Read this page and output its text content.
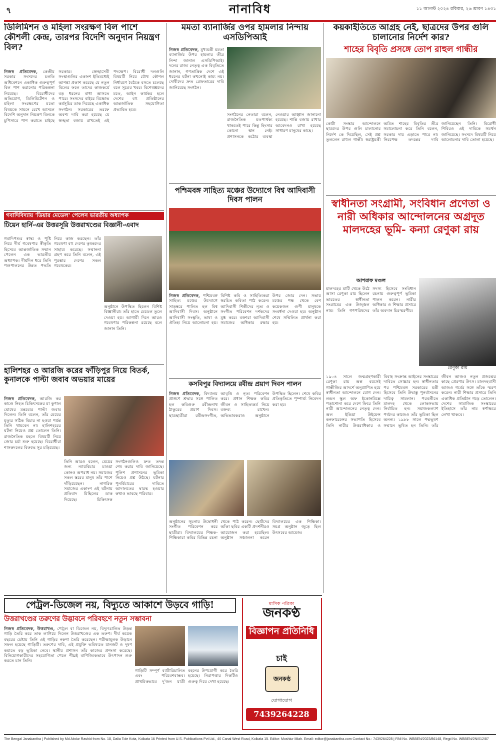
৭	নানাবিধ	১১ আগস্ট ২০২৪ রবিবার, ২৬ শ্রাবণ ১৪৩১
ডিলিমিশন ও মহিলা সংরক্ষণ বিল পাশে কৌশলী কেন্দ্র, তারপর বিদেশি অনুদান নিয়ন্ত্রণ বিল?
নিজস্ব প্রতিবেদক, কেন্দ্রীয় সরকার সংসদের চলতি অধিবেশনে একাধিক গুরুত্বপূর্ণ বিল পাশ করানোর পরিকল্পনা নিয়েছে। বিরোধীদের অভিযোগ, ডিলিমিটেশন ও মহিলা সংরক্ষণের মতো বিষয়কে সামনে রেখে আসলে বিদেশি অনুদান নিয়ন্ত্রণ বিলকে চুপিসারে পাশ করাতে চাইছে সরকার। স্বেচ্ছাসেবী সংস্থাগুলির একাংশ ইতিমধ্যেই আশঙ্কা প্রকাশ করেছে যে নতুন বিলের ফলে তাদের কাজকর্মে বড় ধরনের বাধা আসতে পারে। সংসদের বাইরে বিক্ষোভ কর্মসূচির ডাক দিয়েছে একাধিক সংগঠন। সরকারের তরফে অবশ্য দাবি করা হয়েছে যে স্বচ্ছতা বজায় রাখতেই এই পদক্ষেপ। বিরোধী দলগুলি বিষয়টি নিয়ে যৌথ কৌশল নির্ধারণে বৈঠকে বসতে চলেছে বলে সূত্রের খবর। বিশেষজ্ঞদের মতে, আইন কার্যকর হলে দেশের বহু প্রতিষ্ঠানের আন্তর্জাতিক সহযোগিতা প্রভাবিত হবে।
গবাদিবিদ্যায় 'ডিয়ার মেডেল' পেলেন ভারতীয় অধ্যাপক
টিয়েন হার্নি-এর উত্তরসূরি উত্তরাখণ্ডের বিজ্ঞানী-এবাদ
গবাদিপশুর স্বাস্থ্য ও পুষ্টি নিয়ে দীর্ঘ গবেষণার স্বীকৃতি হিসেবে আন্তর্জাতিক সম্মান পেলেন এক ভারতীয় অধ্যাপক। দীর্ঘদিন ধরে তিনি পশুপালনের উন্নত পদ্ধতি নিয়ে কাজ করছেন। তাঁর গবেষণা বহু দেশের কৃষকদের সাহায্য করেছে। সম্মাননা গ্রহণ করে তিনি বলেন, এই পুরস্কার দেশের সকল গবেষকের।
অনুষ্ঠানে উপস্থিত ছিলেন বিশিষ্ট বিজ্ঞানীরা। তাঁর হাতে মেডেল তুলে দেওয়া হয়। আগামী দিনে আরও গবেষণার পরিকল্পনা রয়েছে বলে জানান তিনি।
হালিশহর ও আরজি করের ফাঁড়িপুর নিয়ে বিতর্ক, কুনালকে পাল্টা জবাব অভয়ার মায়ের
নিজস্ব প্রতিবেদক, আরজি কর কাণ্ডে নিহত চিকিৎসকের মা কুণাল ঘোষের মন্তব্যের পাল্টা জবাব দিলেন। তিনি বলেন, তাঁর মেয়ের মৃত্যুর সঠিক বিচার না হওয়া পর্যন্ত তিনি থামবেন না। হালিশহরের ঘটনা নিয়েও প্রশ্ন তোলেন তিনি। রাজনৈতিক মহলে বিষয়টি নিয়ে জোর চর্চা শুরু হয়েছে। বিরোধীরা শাসকদলের বিরুদ্ধে সুর চড়িয়েছে।
তিনি আরও বলেন, মেয়ের জন্য ন্যায়বিচার চাওয়া কোনও অপরাধ নয়। সমাজের সকল স্তরের মানুষ তাঁর পাশে দাঁড়িয়েছেন। নাগরিক সমাজের একাংশ এই ঘটনায় প্রতিবাদ মিছিলের ডাক দিয়েছে। চিকিৎসক সংগঠনগুলিও দ্রুত তদন্ত শেষ করার দাবি জানিয়েছে। পুলিশ প্রশাসনের ভূমিকা নিয়েও প্রশ্ন উঠছে। ঘটনার পুনর্বিচারের দাবিতে আদালতের দ্বারস্থ হওয়ার কথাও ভাবছে পরিবার।
মমতা ব্যানার্জির ওপর হামলার নিন্দায় এসডিপিআই
নিজস্ব প্রতিবেদক, মুখ্যমন্ত্রী মমতা ব্যানার্জির উপর হামলার তীব্র নিন্দা জানাল এসডিপিআই। দলের রাজ্য নেতৃত্ব এক বিবৃতিতে জানান, গণতান্ত্রিক দেশে এই ধরনের ঘটনা কখনোই কাম্য নয়। দোষীদের দ্রুত গ্রেফতারের দাবি জানিয়েছে সংগঠন।
সংগঠনের নেতারা বলেন, রাজনৈতিক মতপার্থক্য থাকতেই পারে কিন্তু হিংসার কোনো স্থান নেই। প্রশাসনকে কঠোর ব্যবস্থা নেওয়ার আহ্বান জানানো হয়েছে। শান্তি বজায় রাখার আবেদনও রাখা হয়েছে সাধারণ মানুষের কাছে।
পশ্চিমবঙ্গ সাহিত্য মঞ্চের উদ্যোগে বিশ্ব আদিবাসী দিবস পালন
নিজস্ব প্রতিবেদক, পশ্চিমবঙ্গ সাহিত্য মঞ্চের উদ্যোগে সাড়ম্বরে পালিত হল বিশ্ব আদিবাসী দিবস। অনুষ্ঠানে আদিবাসী সংস্কৃতি, ভাষা ও ঐতিহ্য নিয়ে আলোচনা হয়। বিশিষ্ট কবি ও সাহিত্যিকরা স্বরচিত কবিতা পাঠ করেন। আদিবাসী শিল্পীদের নৃত্য ও সংগীত পরিবেশন দর্শকদের মুগ্ধ করে। বক্তারা আদিবাসী সমাজের অধিকার রক্ষার উপর জোর দেন। সভায় মঞ্চের পক্ষ থেকে বেশ কয়েকজন গুণী মানুষকে সংবর্ধনা দেওয়া হয়। অনুষ্ঠান শেষে সম্মিলিত প্রার্থনা করা হয়।
কসবিপুর বিদ্যালয়ে রবীন্দ্র প্রয়াণ দিবস পালন
নিজস্ব প্রতিবেদক, বিদ্যালয় প্রাঙ্গণে শ্রদ্ধার সঙ্গে পালিত হল কবিগুরু রবীন্দ্রনাথ ঠাকুরের প্রয়াণ দিবস। ছাত্রছাত্রীরা রবীন্দ্রসংগীত, আবৃত্তি ও নৃত্য পরিবেশন করে। প্রধান শিক্ষক কবির জীবন ও সাহিত্যকর্ম নিয়ে বক্তব্য রাখেন। অভিভাবকরাও অনুষ্ঠানে উপস্থিত ছিলেন। শেষে কবির প্রতিকৃতিতে পুষ্পার্ঘ্য নিবেদন করা হয়।
অনুষ্ঠানের সূচনায় উদ্বোধনী সংগীত পরিবেশন করে ছাত্রীরা। বিদ্যালয়ের শিক্ষক-শিক্ষিকারা কবির বিভিন্ন রচনা থেকে পাঠ করেন। ছোটদের আঁকা ছবির একটি প্রদর্শনীরও আয়োজন করা হয়েছিল। অনুষ্ঠান সঞ্চালনা করেন বিদ্যালয়ের এক শিক্ষিকা। সমগ্র অনুষ্ঠান জুড়ে ছিল উৎসবের আমেজ।
কয়কাইতিতে আগ্রহ নেই, ছাত্রদের উপর গুলি চালানোর নির্দেশ কার?
শাহের বিবৃতি প্রসঙ্গে তোপ রাহুল গান্ধীর
কোটা সংস্কার আন্দোলনে ছাত্রদের উপর গুলি চালানোর নির্দেশ কে দিয়েছিল, সেই প্রশ্ন তুললেন রাহুল গান্ধী। স্বরাষ্ট্রমন্ত্রী অমিত শাহের বিবৃতির তীব্র সমালোচনা করে তিনি বলেন, সরকার দায় এড়াতে পারে না। নিরপেক্ষ তদন্তের দাবি জানিয়েছেন তিনি। বিরোধী শিবিরও এই দাবিকে সমর্থন জানিয়েছে। সংসদে বিষয়টি নিয়ে আলোচনার দাবি তোলা হয়েছে।
স্বাধীনতা সংগ্রামী, সংবিধান প্রণেতা ও নারী অধিকার আন্দোলনের অগ্রদূত মালদহের ভূমি- কন্যা রেণুকা রায়
আশরাফ মণ্ডল
মালদহের মাটি থেকে উঠে আসা রেণুকা রায় ছিলেন ভারতের স্বাধীনতা সংগ্রামের এক উজ্জ্বল নাম। তিনি গণপরিষদের সদস্য হিসেবে সংবিধান রচনায় গুরুত্বপূর্ণ ভূমিকা পালন করেন। নারীর অধিকার ও শিক্ষার প্রসারে তাঁর অবদান চিরস্মরণীয়।
রেণুকা রায়
১৯০৪ সালে জন্মগ্রহণকারী রেণুকা রায় অল্প বয়সেই গান্ধীজির আদর্শে অনুপ্রাণিত হয়ে স্বাধীনতা আন্দোলনে যোগ দেন। লন্ডন স্কুল অফ ইকোনমিক্সে পড়াশোনা করে দেশে ফিরে তিনি নারী আন্দোলনের নেতৃত্ব দেন। অল ইন্ডিয়া উইমেন্স কনফারেন্সের সভাপতি হিসেবে তিনি নারীর উত্তরাধিকার ও বিবাহ সংক্রান্ত আইনের সংস্কারের দাবিতে সোচ্চার হন। স্বাধীনতার পর পশ্চিমবঙ্গ সরকারের মন্ত্রী হিসেবে তিনি উদ্বাস্তু পুনর্বাসনের দায়িত্ব সামলান। পরবর্তীতে মালদহ থেকে লোকসভায় নির্বাচিত হন। সমাজকল্যাণ পর্ষদের কাজেও তাঁর ভূমিকা ছিল অনন্য। ১৯৮৮ সালে পদ্মভূষণ সম্মানে ভূষিত হন তিনি। তাঁর জীবন আজও নতুন প্রজন্মের কাছে প্রেরণার উৎস। মালদহবাসী আজও গর্বের সঙ্গে তাঁকে স্মরণ করেন। নারী শিক্ষার প্রসারে তিনি একাধিক প্রতিষ্ঠান গড়ে তোলেন। দেশের সামাজিক সংস্কারের ইতিহাসে তাঁর নাম স্বর্ণাক্ষরে লেখা থাকবে।
পেট্রল-ডিজেল নয়, বিদ্যুতে আকাশে উড়বে গাড়ি!
উত্তরাখণ্ডের তরুণের উদ্ভাবনে পরিবহণে নতুন সম্ভাবনা
নিজস্ব প্রতিবেদক, উত্তরাখণ্ড, পেট্রল বা ডিজেল নয়, বিদ্যুৎচালিত উড়ন্ত গাড়ি তৈরি করে তাক লাগিয়ে দিলেন উত্তরাখণ্ডের এক তরুণ। দীর্ঘ কয়েক বছরের চেষ্টায় তিনি এই গাড়ির নকশা তৈরি করেছেন। পরীক্ষামূলক উড়ানে সফল হয়েছে গাড়িটি। তরুণের দাবি, এই প্রযুক্তি ভবিষ্যতে যানজট ও দূষণ কমাতে বড় ভূমিকা নেবে। স্থানীয় প্রশাসন তাঁর কাজের প্রশংসা করেছে। বিনিয়োগকারীদের সহযোগিতা পেলে শীঘ্রই বাণিজ্যিকভাবে উৎপাদন শুরু করতে চান তিনি।
গাড়িটি সম্পূর্ণ ব্যাটারিচালিত এবং পরিবেশবান্ধব। প্রাথমিকভাবে দু'জন যাত্রী বহনের উপযোগী করে তৈরি হয়েছে। নিরাপত্তার দিকটিও গুরুত্ব দিয়ে দেখা হয়েছে।
মাসিক পত্রিকা
জনকণ্ঠ
বিজ্ঞাপন প্রতিনিধি
চাই
জনকণ্ঠ
যোগাযোগ
7439264228
The Bengal Janakantha | Published by Md Abdur Rashid from No. 18, Dalia Tole Kota, Kolkata 16 Printed from U.S. Publications Pvt Ltd., 40 Canal West Road, Kolkata 15. Editor: Moshiur Miah. Email: editor@janakantha.com Contact No.: 7439264228 | RNI No. WBBEN/2023/86148, Regd No. WBBEN/2N/012/87
